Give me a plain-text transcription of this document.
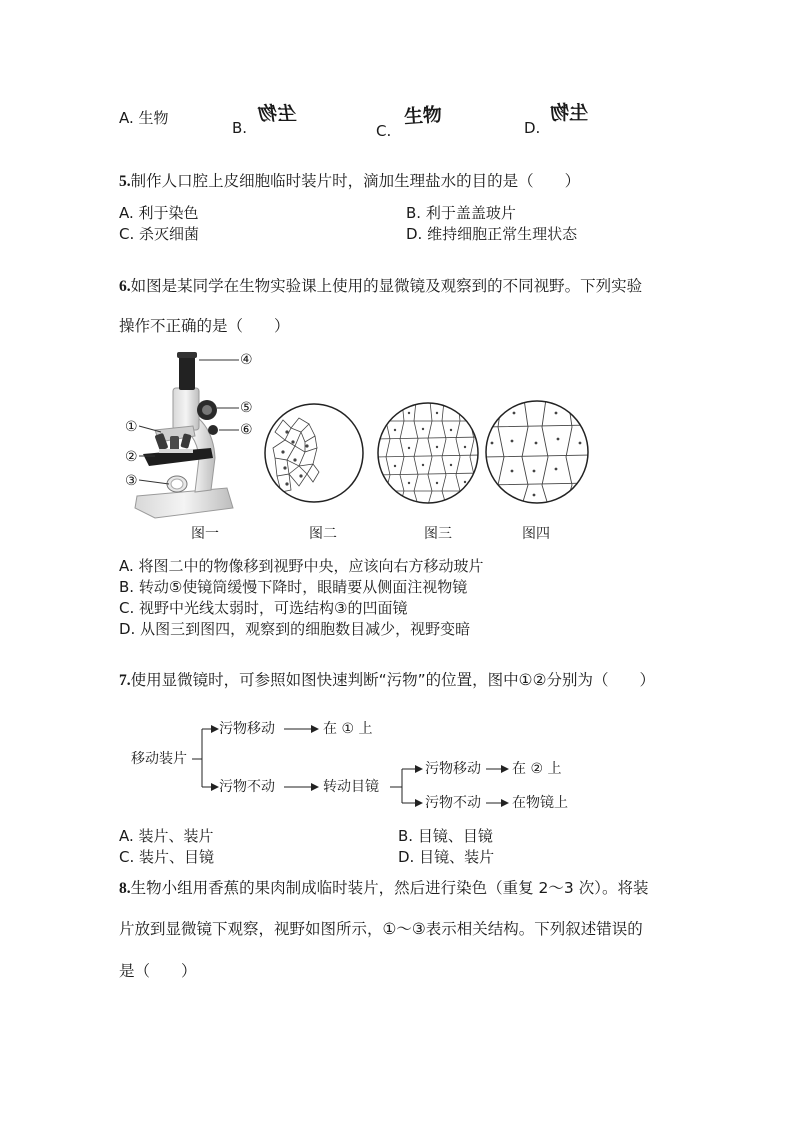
A. 生物
B.
生物
C.
生物	D.
生物
5.制作人口腔上皮细胞临时装片时，滴加生理盐水的目的是（　　）
A. 利于染色	B. 利于盖盖玻片
C. 杀灭细菌	D. 维持细胞正常生理状态
6.如图是某同学在生物实验课上使用的显微镜及观察到的不同视野。下列实验
操作不正确的是（　　）
④
⑤
⑥
①
②
③
图一	图二	图三	图四
A. 将图二中的物像移到视野中央，应该向右方移动玻片
B. 转动⑤使镜筒缓慢下降时，眼睛要从侧面注视物镜
C. 视野中光线太弱时，可选结构③的凹面镜
D. 从图三到图四，观察到的细胞数目减少，视野变暗
7.使用显微镜时，可参照如图快速判断“污物”的位置，图中①②分别为（　　）
移动装片
污物移动	在 ① 上
污物不动	转动目镜
污物移动 在 ② 上
污物不动 在物镜上
A. 装片、装片	B. 目镜、目镜
C. 装片、目镜	D. 目镜、装片
8.生物小组用香蕉的果肉制成临时装片，然后进行染色（重复 2～3 次）。将装
片放到显微镜下观察，视野如图所示，①～③表示相关结构。下列叙述错误的
是（　　）
